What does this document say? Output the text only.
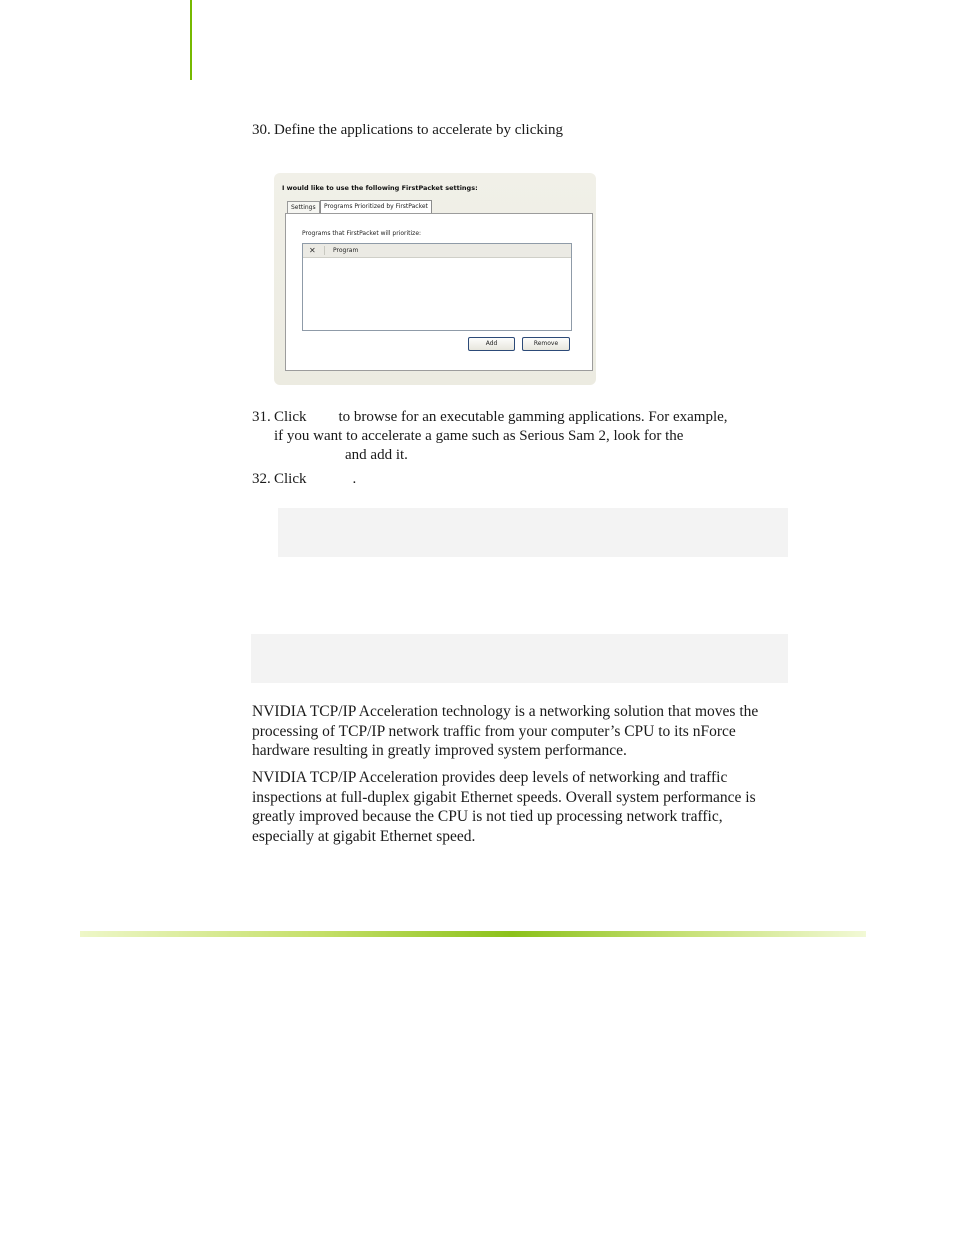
30. Define the applications to accelerate by clicking
I would like to use the following FirstPacket settings:
Settings	Programs Prioritized by FirstPacket
Programs that FirstPacket will prioritize:
✕	Program
Add	Remove
31. Click to browse for an executable gamming applications. For example,
if you want to accelerate a game such as Serious Sam 2, look for the
and add it.
32. Click	.
NVIDIA TCP/IP Acceleration technology is a networking solution that moves the processing of TCP/IP network traffic from your computer’s CPU to its nForce hardware resulting in greatly improved system performance.
NVIDIA TCP/IP Acceleration provides deep levels of networking and traffic inspections at full-duplex gigabit Ethernet speeds. Overall system performance is greatly improved because the CPU is not tied up processing network traffic, especially at gigabit Ethernet speed.
